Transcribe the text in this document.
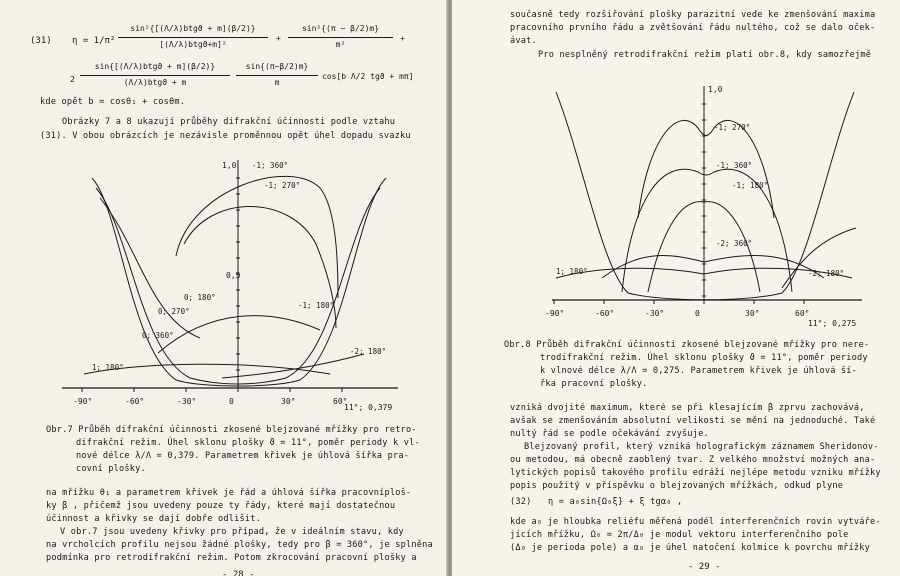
(31) η = 1/π²
sin²{[(Λ/λ)btgϑ + m](β/2)}
[(Λ/λ)btgϑ+m]²
+
sin²{(π − β/2)m}
m²
+
2
sin{[(Λ/λ)btgϑ + m](β/2)}
(Λ/λ)btgϑ + m
sin{(π−β/2)m}
m
cos[b Λ/2 tgϑ + mπ]
kde opět b = cosθ₁ + cosθm.
Obrázky 7 a 8 ukazují průběhy difrakční účinnosti podle vztahu
(31). V obou obrázcích je nezávisle proměnnou opět úhel dopadu svazku
-90°	-60°	-30°	0	30°	60°
1,0
0,5
11°; 0,379
-1; 360°
-1; 270°
0; 180°
0; 270°
0; 360°
-1; 180°
-2; 180°
1; 180°
Obr.7 Průběh difrakční účinnosti zkosené blejzované mřížky pro retro-
difrakční režim. Úhel sklonu plošky ϑ = 11°, poměr periody k vl-
nové délce λ/Λ = 0,379. Parametrem křivek je úhlová šířka pra-
covní plošky.
na mřížku θ₁ a parametrem křivek je řád a úhlová šířka pracovníploš-
ky β , přičemž jsou uvedeny pouze ty řády, které mají dostatečnou
účinnost a křivky se dají dobře odlišit.
V obr.7 jsou uvedeny křivky pro případ, že v ideálním stavu, kdy
na vrcholcích profilu nejsou žádné plošky, tedy pro β = 360°, je splněna
podmínka pro retrodifrakční režim. Potom zkrocování pracovní plošky a
- 28 -
současně tedy rozšiřování plošky parazitní vede ke zmenšování maxima
pracovního prvního řádu a zvětšování řádu nultého, což se dalo oček-
ávat.
Pro nesplněný retrodifrakční režim platí obr.8, kdy samozřejmě
-90°	-60°	-30°	0	30°	60°
1,0
11°; 0,275
-1; 270°
-1; 360°
-1; 180°
-2; 360°
-2; 180°
1; 180°
Obr.8 Průběh difrakční účinnosti zkosené blejzované mřížky pro nere-
trodifrakční režim. Úhel sklonu plošky ϑ = 11°, poměr periody
k vlnové délce λ/Λ = 0,275. Parametrem křivek je úhlová ší-
řka pracovní plošky.
vzniká dvojité maximum, které se při klesajícím β zprvu zachovává,
avšak se zmenšováním absolutní velikosti se mění na jednoduché. Také
nultý řád se podle očekávání zvyšuje.
Blejzovaný profil, který vzniká holografickým záznamem Sheridonov-
ou metodou, má obecně zaoblený tvar. Z velkého množství možných ana-
lytických popisů takového profilu edráží nejlépe metodu vzniku mřížky
popis použitý v příspěvku o blejzovaných mřížkách, odkud plyne
(32) η = a₀sin{Ω₀ξ} + ξ tgα₀ ,
kde a₀ je hloubka reliéfu měřená podél interferenčních rovin vytváře-
jících mřížku, Ω₀ = 2π/Δ₀ je modul vektoru interferenčního pole
(Δ₀ je perioda pole) a α₀ je úhel natočení kolmice k povrchu mřížky
- 29 -
